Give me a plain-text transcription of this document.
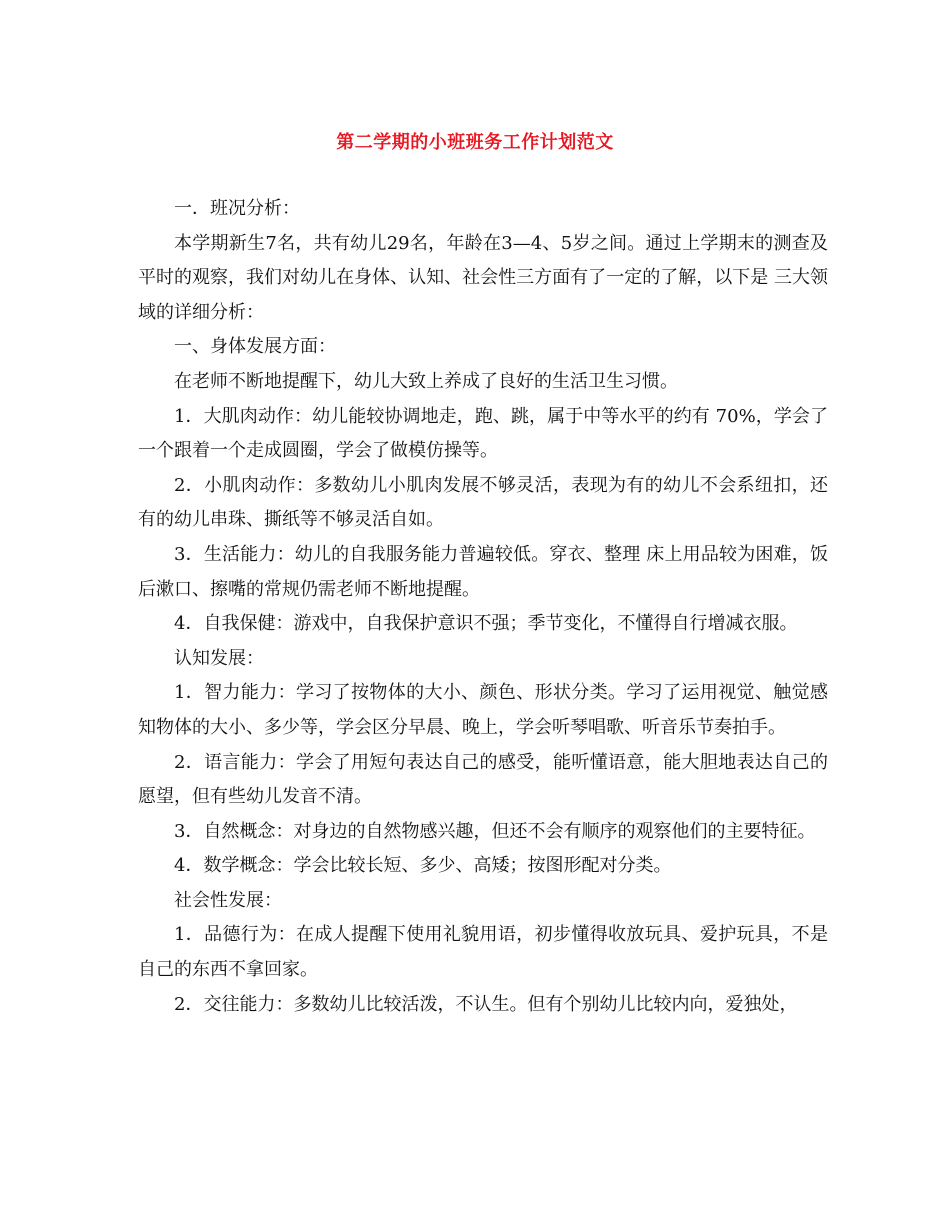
第二学期的小班班务工作计划范文

一．班况分析：

本学期新生7名，共有幼儿29名，年龄在3—4、5岁之间。通过上学期末的测查及平时的观察，我们对幼儿在身体、认知、社会性三方面有了一定的了解，以下是 三大领域的详细分析：

一、身体发展方面：

在老师不断地提醒下，幼儿大致上养成了良好的生活卫生习惯。

1．大肌肉动作：幼儿能较协调地走，跑、跳，属于中等水平的约有 70%，学会了一个跟着一个走成圆圈，学会了做模仿操等。

2．小肌肉动作：多数幼儿小肌肉发展不够灵活，表现为有的幼儿不会系纽扣，还有的幼儿串珠、撕纸等不够灵活自如。

3．生活能力：幼儿的自我服务能力普遍较低。穿衣、整理 床上用品较为困难，饭后漱口、擦嘴的常规仍需老师不断地提醒。

4．自我保健：游戏中，自我保护意识不强；季节变化，不懂得自行增减衣服。

认知发展：

1．智力能力：学习了按物体的大小、颜色、形状分类。学习了运用视觉、触觉感知物体的大小、多少等，学会区分早晨、晚上，学会听琴唱歌、听音乐节奏拍手。

2．语言能力：学会了用短句表达自己的感受，能听懂语意，能大胆地表达自己的愿望，但有些幼儿发音不清。

3．自然概念：对身边的自然物感兴趣，但还不会有顺序的观察他们的主要特征。

4．数学概念：学会比较长短、多少、高矮；按图形配对分类。

社会性发展：

1．品德行为：在成人提醒下使用礼貌用语，初步懂得收放玩具、爱护玩具，不是自己的东西不拿回家。

2．交往能力：多数幼儿比较活泼，不认生。但有个别幼儿比较内向，爱独处，
